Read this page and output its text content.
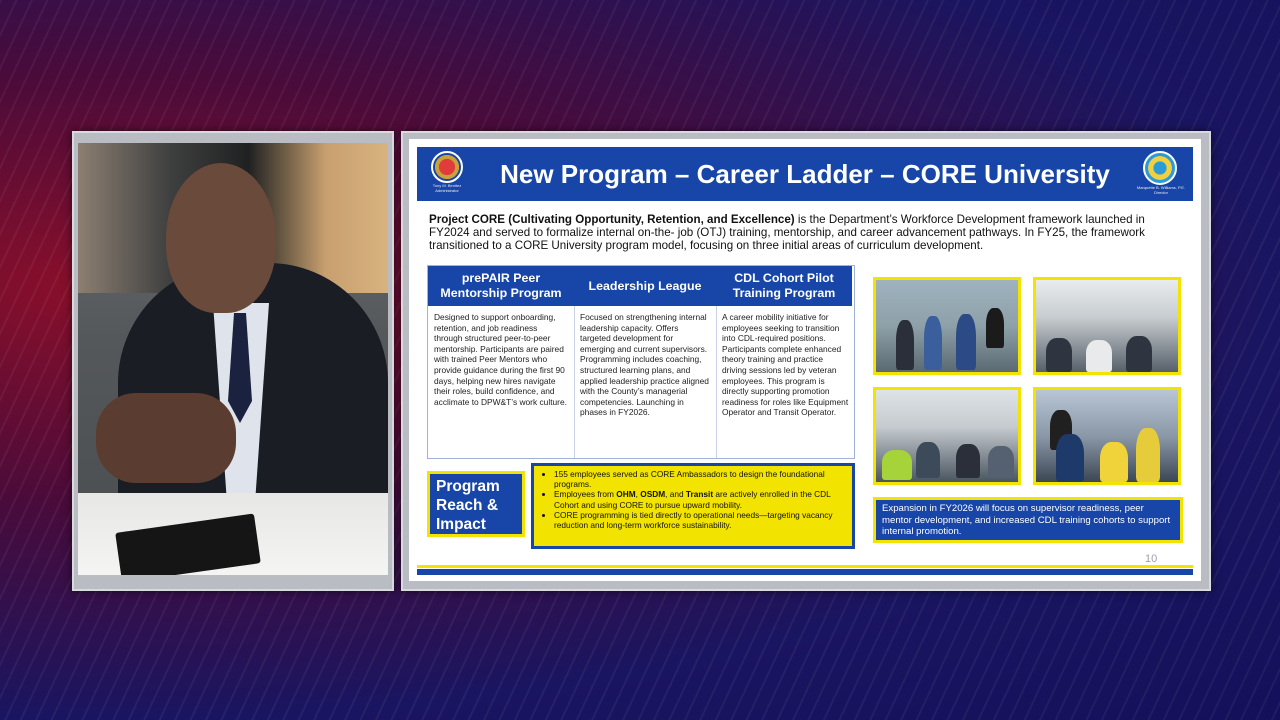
Tony M. Benitez Administrator
New Program – Career Ladder – CORE University	Marquette B. Williams, P.E. Director
Project CORE (Cultivating Opportunity, Retention, and Excellence) is the Department’s Workforce Development framework launched in FY2024 and served to formalize internal on-the- job (OTJ) training, mentorship, and career advancement pathways. In FY25, the framework transitioned to a CORE University program model, focusing on three initial areas of curriculum development.
prePAIR Peer Mentorship Program
Designed to support onboarding, retention, and job readiness through structured peer-to-peer mentorship. Participants are paired with trained Peer Mentors who provide guidance during the first 90 days, helping new hires navigate their roles, build confidence, and acclimate to DPW&T’s work culture.
Leadership League
Focused on strengthening internal leadership capacity. Offers targeted development for emerging and current supervisors. Programming includes coaching, structured learning plans, and applied leadership practice aligned with the County’s managerial competencies. Launching in phases in FY2026.
CDL Cohort Pilot Training Program
A career mobility initiative for employees seeking to transition into CDL-required positions. Participants complete enhanced theory training and practice driving sessions led by veteran employees. This program is directly supporting promotion readiness for roles like Equipment Operator and Transit Operator.
Program Reach & Impact
• 155 employees served as CORE Ambassadors to design the foundational programs.
• Employees from OHM, OSDM, and Transit are actively enrolled in the CDL Cohort and using CORE to pursue upward mobility.
• CORE programming is tied directly to operational needs—targeting vacancy reduction and long-term workforce sustainability.
Expansion in FY2026 will focus on supervisor readiness, peer mentor development, and increased CDL training cohorts to support internal promotion.
10
